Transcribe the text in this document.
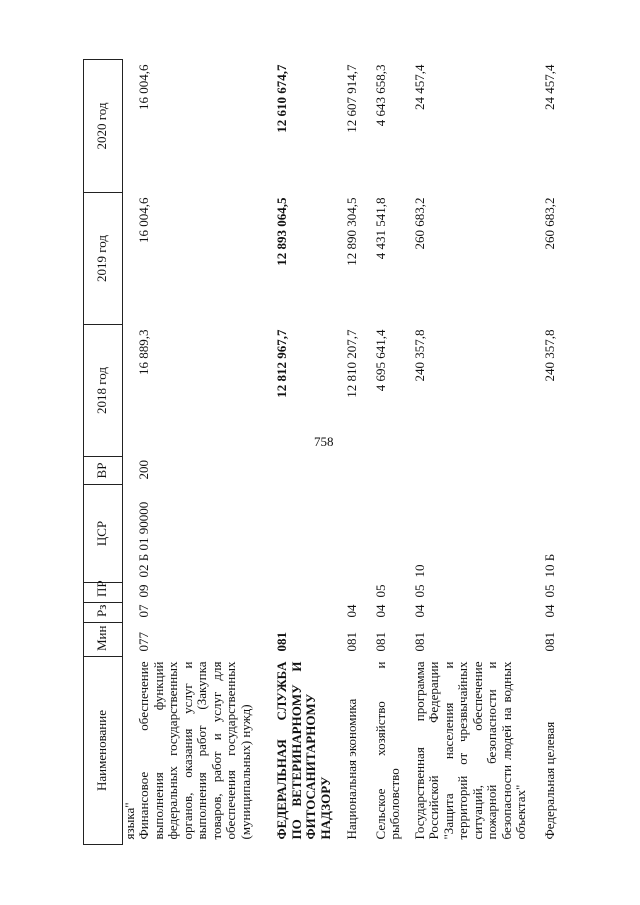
758

Наименование	Мин	Рз	ПР	ЦСР	ВР	2018 год	2019 год	2020 год
языка"								
Финансовое обеспечение выполнения функций федеральных государственных органов, оказания услуг и выполнения работ (Закупка товаров, работ и услуг для обеспечения государственных (муниципальных) нужд)	077	07	09	02 Б 01 90000	200	16 889,3	16 004,6	16 004,6
ФЕДЕРАЛЬНАЯ СЛУЖБА ПО ВЕТЕРИНАРНОМУ И ФИТОСАНИТАРНОМУ НАДЗОРУ	081					12 812 967,7	12 893 064,5	12 610 674,7
Национальная экономика	081	04				12 810 207,7	12 890 304,5	12 607 914,7
Сельское хозяйство и рыболовство	081	04	05			4 695 641,4	4 431 541,8	4 643 658,3
Государственная программа Российской Федерации "Защита населения и территорий от чрезвычайных ситуаций, обеспечение пожарной безопасности и безопасности людей на водных объектах"	081	04	05	10		240 357,8	260 683,2	24 457,4
Федеральная целевая	081	04	05	10 Б		240 357,8	260 683,2	24 457,4
